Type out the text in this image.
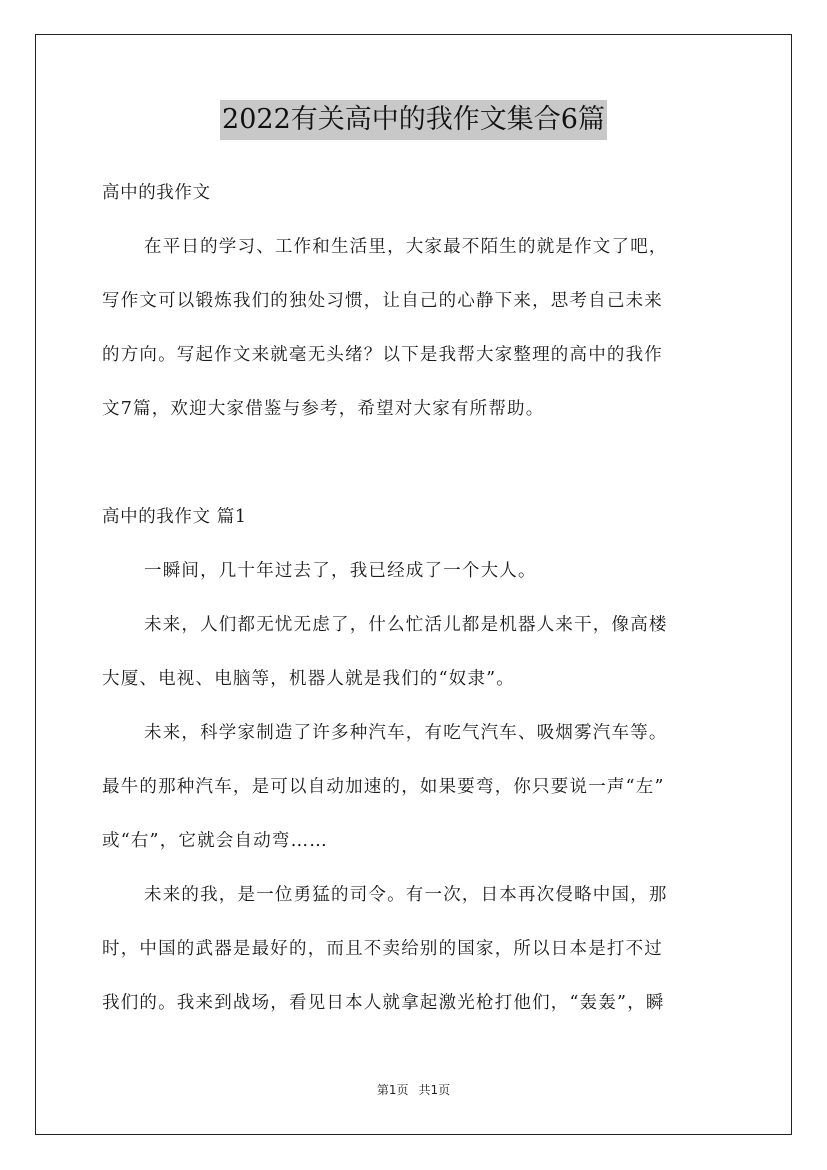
2022有关高中的我作文集合6篇
高中的我作文
在平日的学习、工作和生活里，大家最不陌生的就是作文了吧，
写作文可以锻炼我们的独处习惯，让自己的心静下来，思考自己未来
的方向。写起作文来就毫无头绪？以下是我帮大家整理的高中的我作
文7篇，欢迎大家借鉴与参考，希望对大家有所帮助。
高中的我作文 篇1
一瞬间，几十年过去了，我已经成了一个大人。
未来，人们都无忧无虑了，什么忙活儿都是机器人来干，像高楼
大厦、电视、电脑等，机器人就是我们的“奴隶”。
未来，科学家制造了许多种汽车，有吃气汽车、吸烟雾汽车等。
最牛的那种汽车，是可以自动加速的，如果要弯，你只要说一声“左”
或“右”，它就会自动弯……
未来的我，是一位勇猛的司令。有一次，日本再次侵略中国，那
时，中国的武器是最好的，而且不卖给别的国家，所以日本是打不过
我们的。我来到战场，看见日本人就拿起激光枪打他们，“轰轰”，瞬
第1页 共1页
